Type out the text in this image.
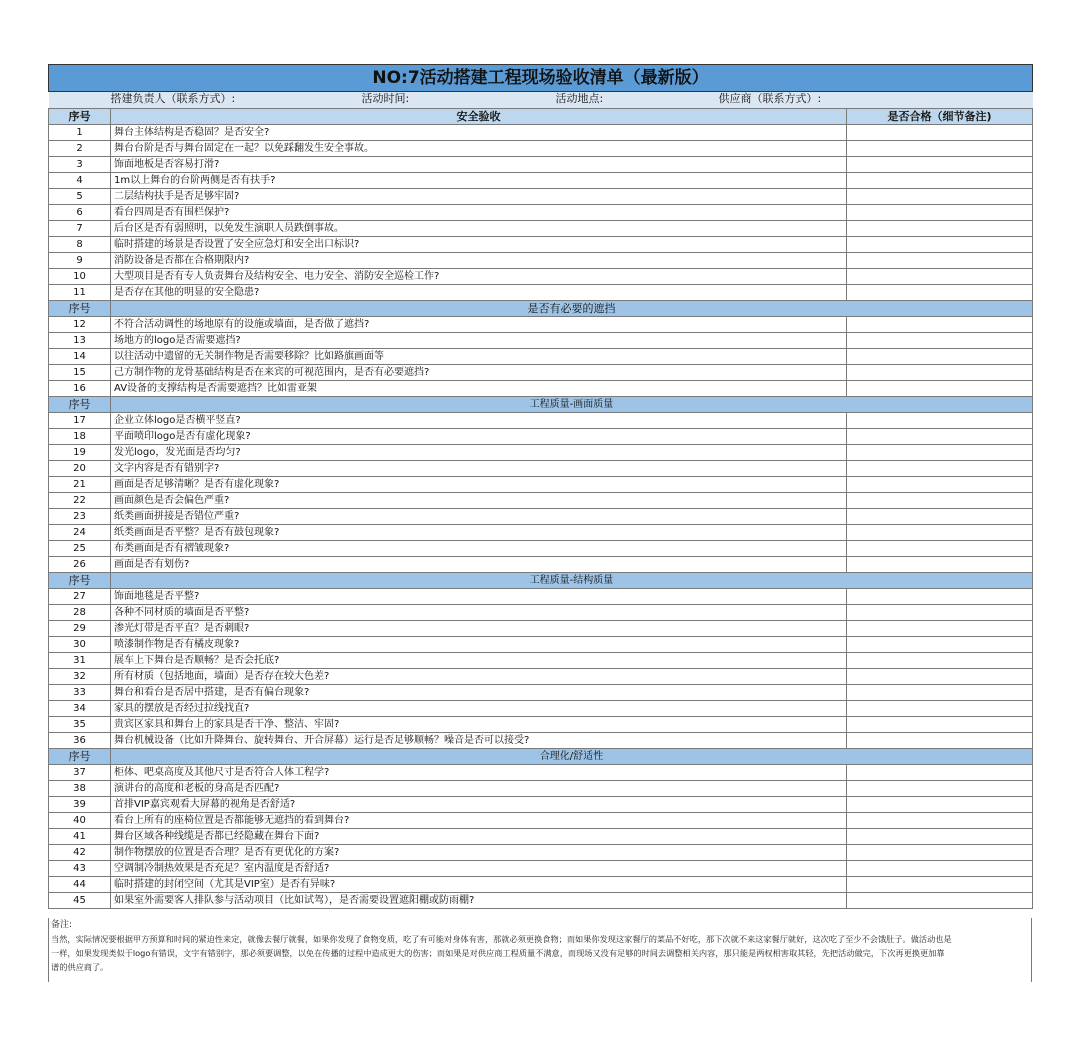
NO:7活动搭建工程现场验收清单（最新版）		

搭建负责人（联系方式）: 活动时间: 活动地点: 供应商（联系方式）:		

序号	安全验收	是否合格（细节备注)
1	舞台主体结构是否稳固？是否安全?	
2	舞台台阶是否与舞台固定在一起？以免踩翻发生安全事故。	
3	饰面地板是否容易打滑?	
4	1m以上舞台的台阶两侧是否有扶手?	
5	二层结构扶手是否足够牢固?	
6	看台四周是否有围栏保护?	
7	后台区是否有弱照明，以免发生演职人员跌倒事故。	
8	临时搭建的场景是否设置了安全应急灯和安全出口标识?	
9	消防设备是否都在合格期限内?	
10	大型项目是否有专人负责舞台及结构安全、电力安全、消防安全巡检工作?	
11	是否存在其他的明显的安全隐患?	
序号	是否有必要的遮挡	
12	不符合活动调性的场地原有的设施或墙面，是否做了遮挡?	
13	场地方的logo是否需要遮挡?	
14	以往活动中遗留的无关制作物是否需要移除？比如路旗画面等	
15	己方制作物的龙骨基础结构是否在来宾的可视范围内，是否有必要遮挡?	
16	AV设备的支撑结构是否需要遮挡？比如雷亚架	
序号	工程质量-画面质量	
17	企业立体logo是否横平竖直?	
18	平面喷印logo是否有虚化现象?	
19	发光logo，发光面是否均匀?	
20	文字内容是否有错别字?	
21	画面是否足够清晰？是否有虚化现象?	
22	画面颜色是否会偏色严重?	
23	纸类画面拼接是否错位严重?	
24	纸类画面是否平整？是否有鼓包现象?	
25	布类画面是否有褶皱现象?	
26	画面是否有划伤?	
序号	工程质量-结构质量	
27	饰面地毯是否平整?	
28	各种不同材质的墙面是否平整?	
29	渗光灯带是否平直？是否刺眼?	
30	喷漆制作物是否有橘皮现象?	
31	展车上下舞台是否顺畅？是否会托底?	
32	所有材质（包括地面，墙面）是否存在较大色差?	
33	舞台和看台是否居中搭建，是否有偏台现象?	
34	家具的摆放是否经过拉线找直?	
35	贵宾区家具和舞台上的家具是否干净、整洁、牢固?	
36	舞台机械设备（比如升降舞台、旋转舞台、开合屏幕）运行是否足够顺畅？噪音是否可以接受?	
序号	合理化/舒适性	
37	柜体、吧桌高度及其他尺寸是否符合人体工程学?	
38	演讲台的高度和老板的身高是否匹配?	
39	首排VIP嘉宾观看大屏幕的视角是否舒适?	
40	看台上所有的座椅位置是否都能够无遮挡的看到舞台?	
41	舞台区域各种线缆是否都已经隐藏在舞台下面?	
42	制作物摆放的位置是否合理？是否有更优化的方案?	
43	空调制冷制热效果是否充足？室内温度是否舒适?	
44	临时搭建的封闭空间（尤其是VIP室）是否有异味?	
45	如果室外需要客人排队参与活动项目（比如试驾），是否需要设置遮阳棚或防雨棚?	
备注:
当然，实际情况要根据甲方预算和时间的紧迫性来定，就像去餐厅就餐，如果你发现了食物变质，吃了有可能对身体有害，那就必须更换食物；而如果你发现这家餐厅的菜品不好吃，那下次就不来这家餐厅就好，这次吃了至少不会饿肚子。做活动也是
一样，如果发现类似于logo有错误，文字有错别字，那必须要调整，以免在传播的过程中造成更大的伤害；而如果是对供应商工程质量不满意，而现场又没有足够的时间去调整相关内容，那只能是两权相害取其轻，先把活动做完，下次再更换更加靠
谱的供应商了。
